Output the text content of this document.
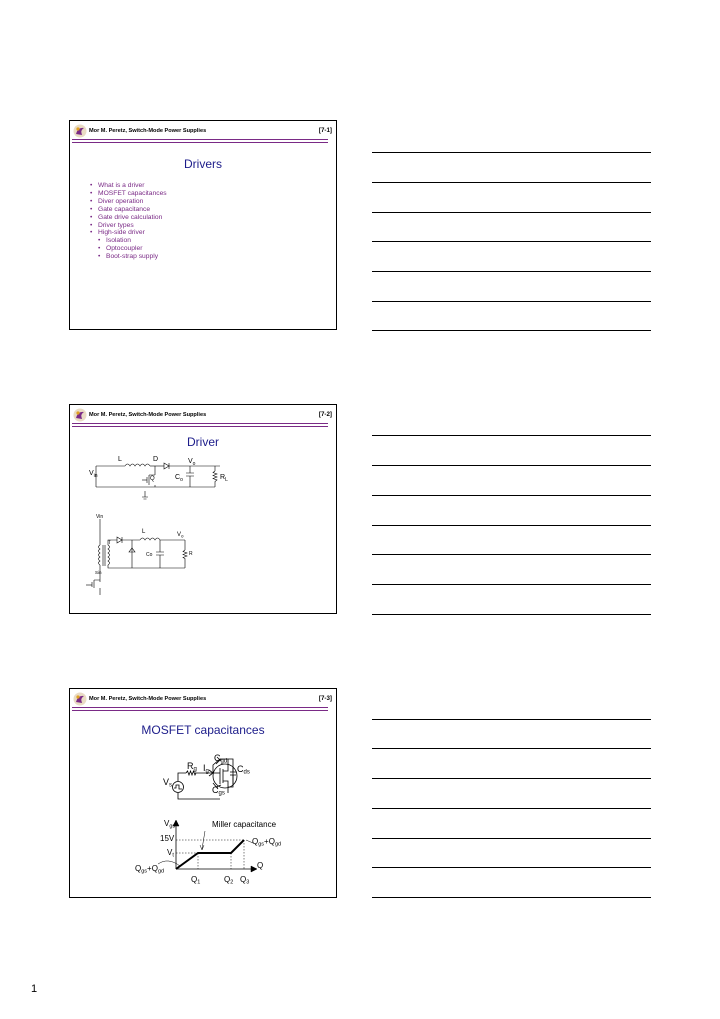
Mor M. Peretz, Switch-Mode Power Supplies	[7-1]
Drivers
• What is a driver
• MOSFET capacitances
• Diver operation
• Gate capacitance
• Gate drive calculation
• Driver types
• High-side driver
• Isolation
• Optocoupler
• Boot-strap supply
Mor M. Peretz, Switch-Mode Power Supplies	[7-2]
Driver
L	D	$V_o$
$V_{in}$	Q	$C_o$	$R_L$
Vin
L	$V_o$
T
Co	R
Sin
Mor M. Peretz, Switch-Mode Power Supplies	[7-3]
MOSFET capacitances
Cgd
Rg Ig	Cds
Vs	Cgs
Vgs	Miller capacitance
15V
Vt
Qgs+Qgd
Q
Qgs+Qgd
Q1	Q2 Q3
1
